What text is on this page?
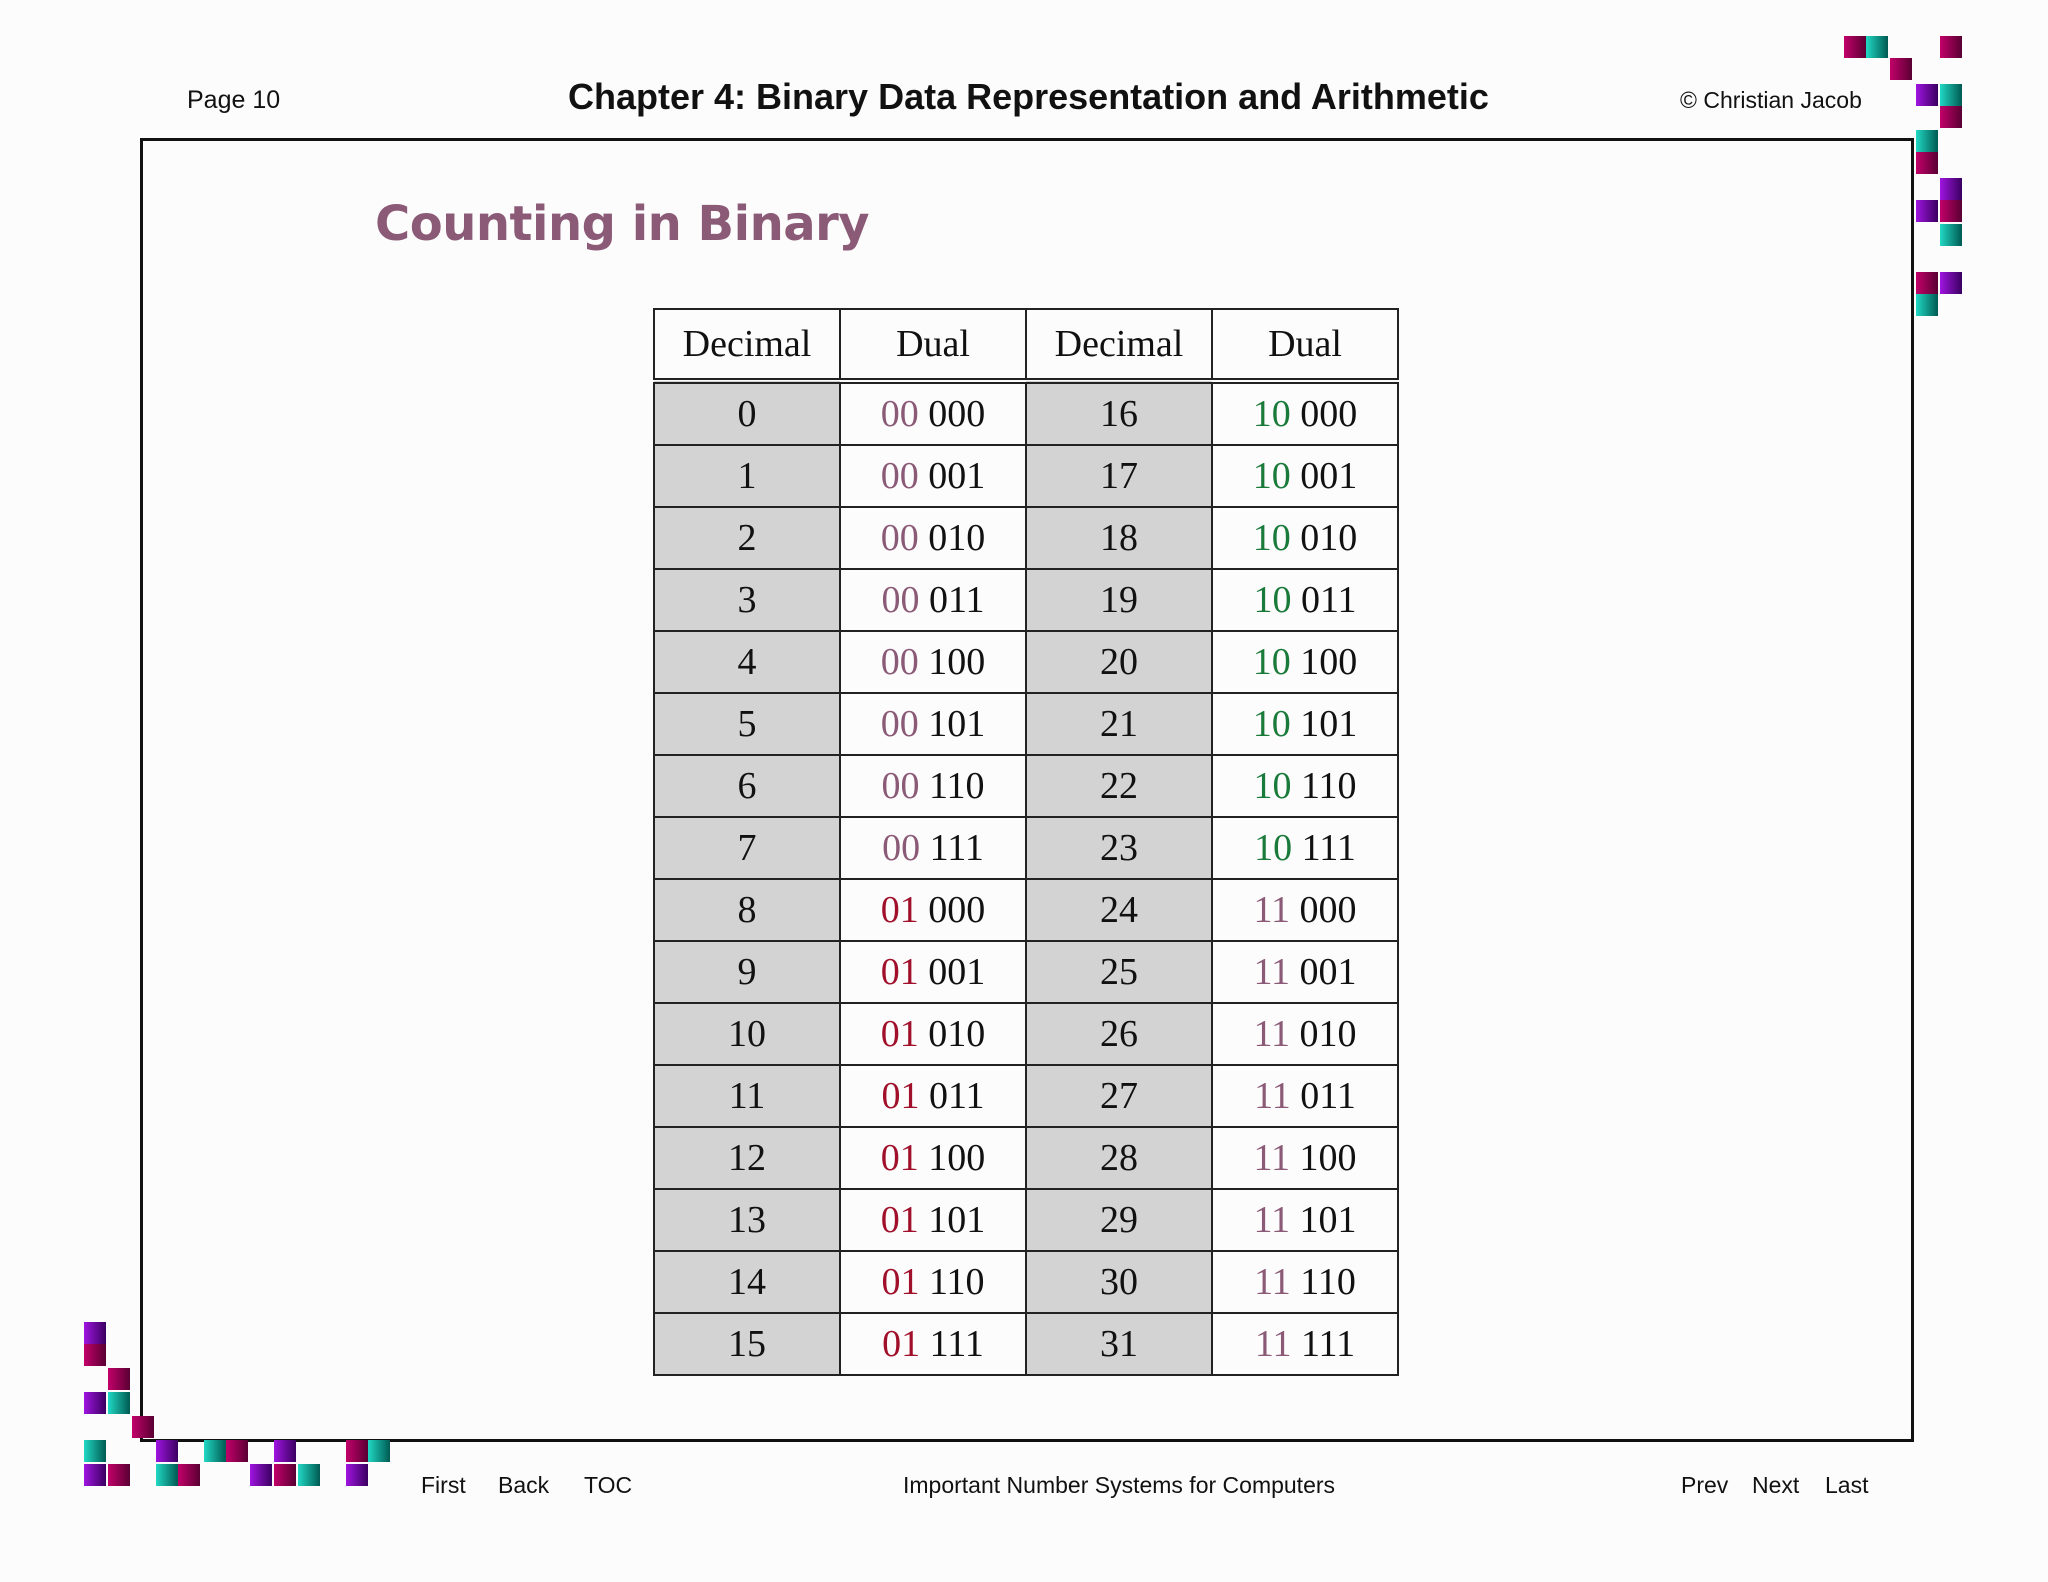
Page 10	Chapter 4: Binary Data Representation and Arithmetic	© Christian Jacob
Counting in Binary
Decimal	Dual	Decimal	Dual
0	00 000	16	10 000
1	00 001	17	10 001
2	00 010	18	10 010
3	00 011	19	10 011
4	00 100	20	10 100
5	00 101	21	10 101
6	00 110	22	10 110
7	00 111	23	10 111
8	01 000	24	11 000
9	01 001	25	11 001
10	01 010	26	11 010
11	01 011	27	11 011
12	01 100	28	11 100
13	01 101	29	11 101
14	01 110	30	11 110
15	01 111	31	11 111
First Back TOC	Important Number Systems for Computers	Prev Next Last
